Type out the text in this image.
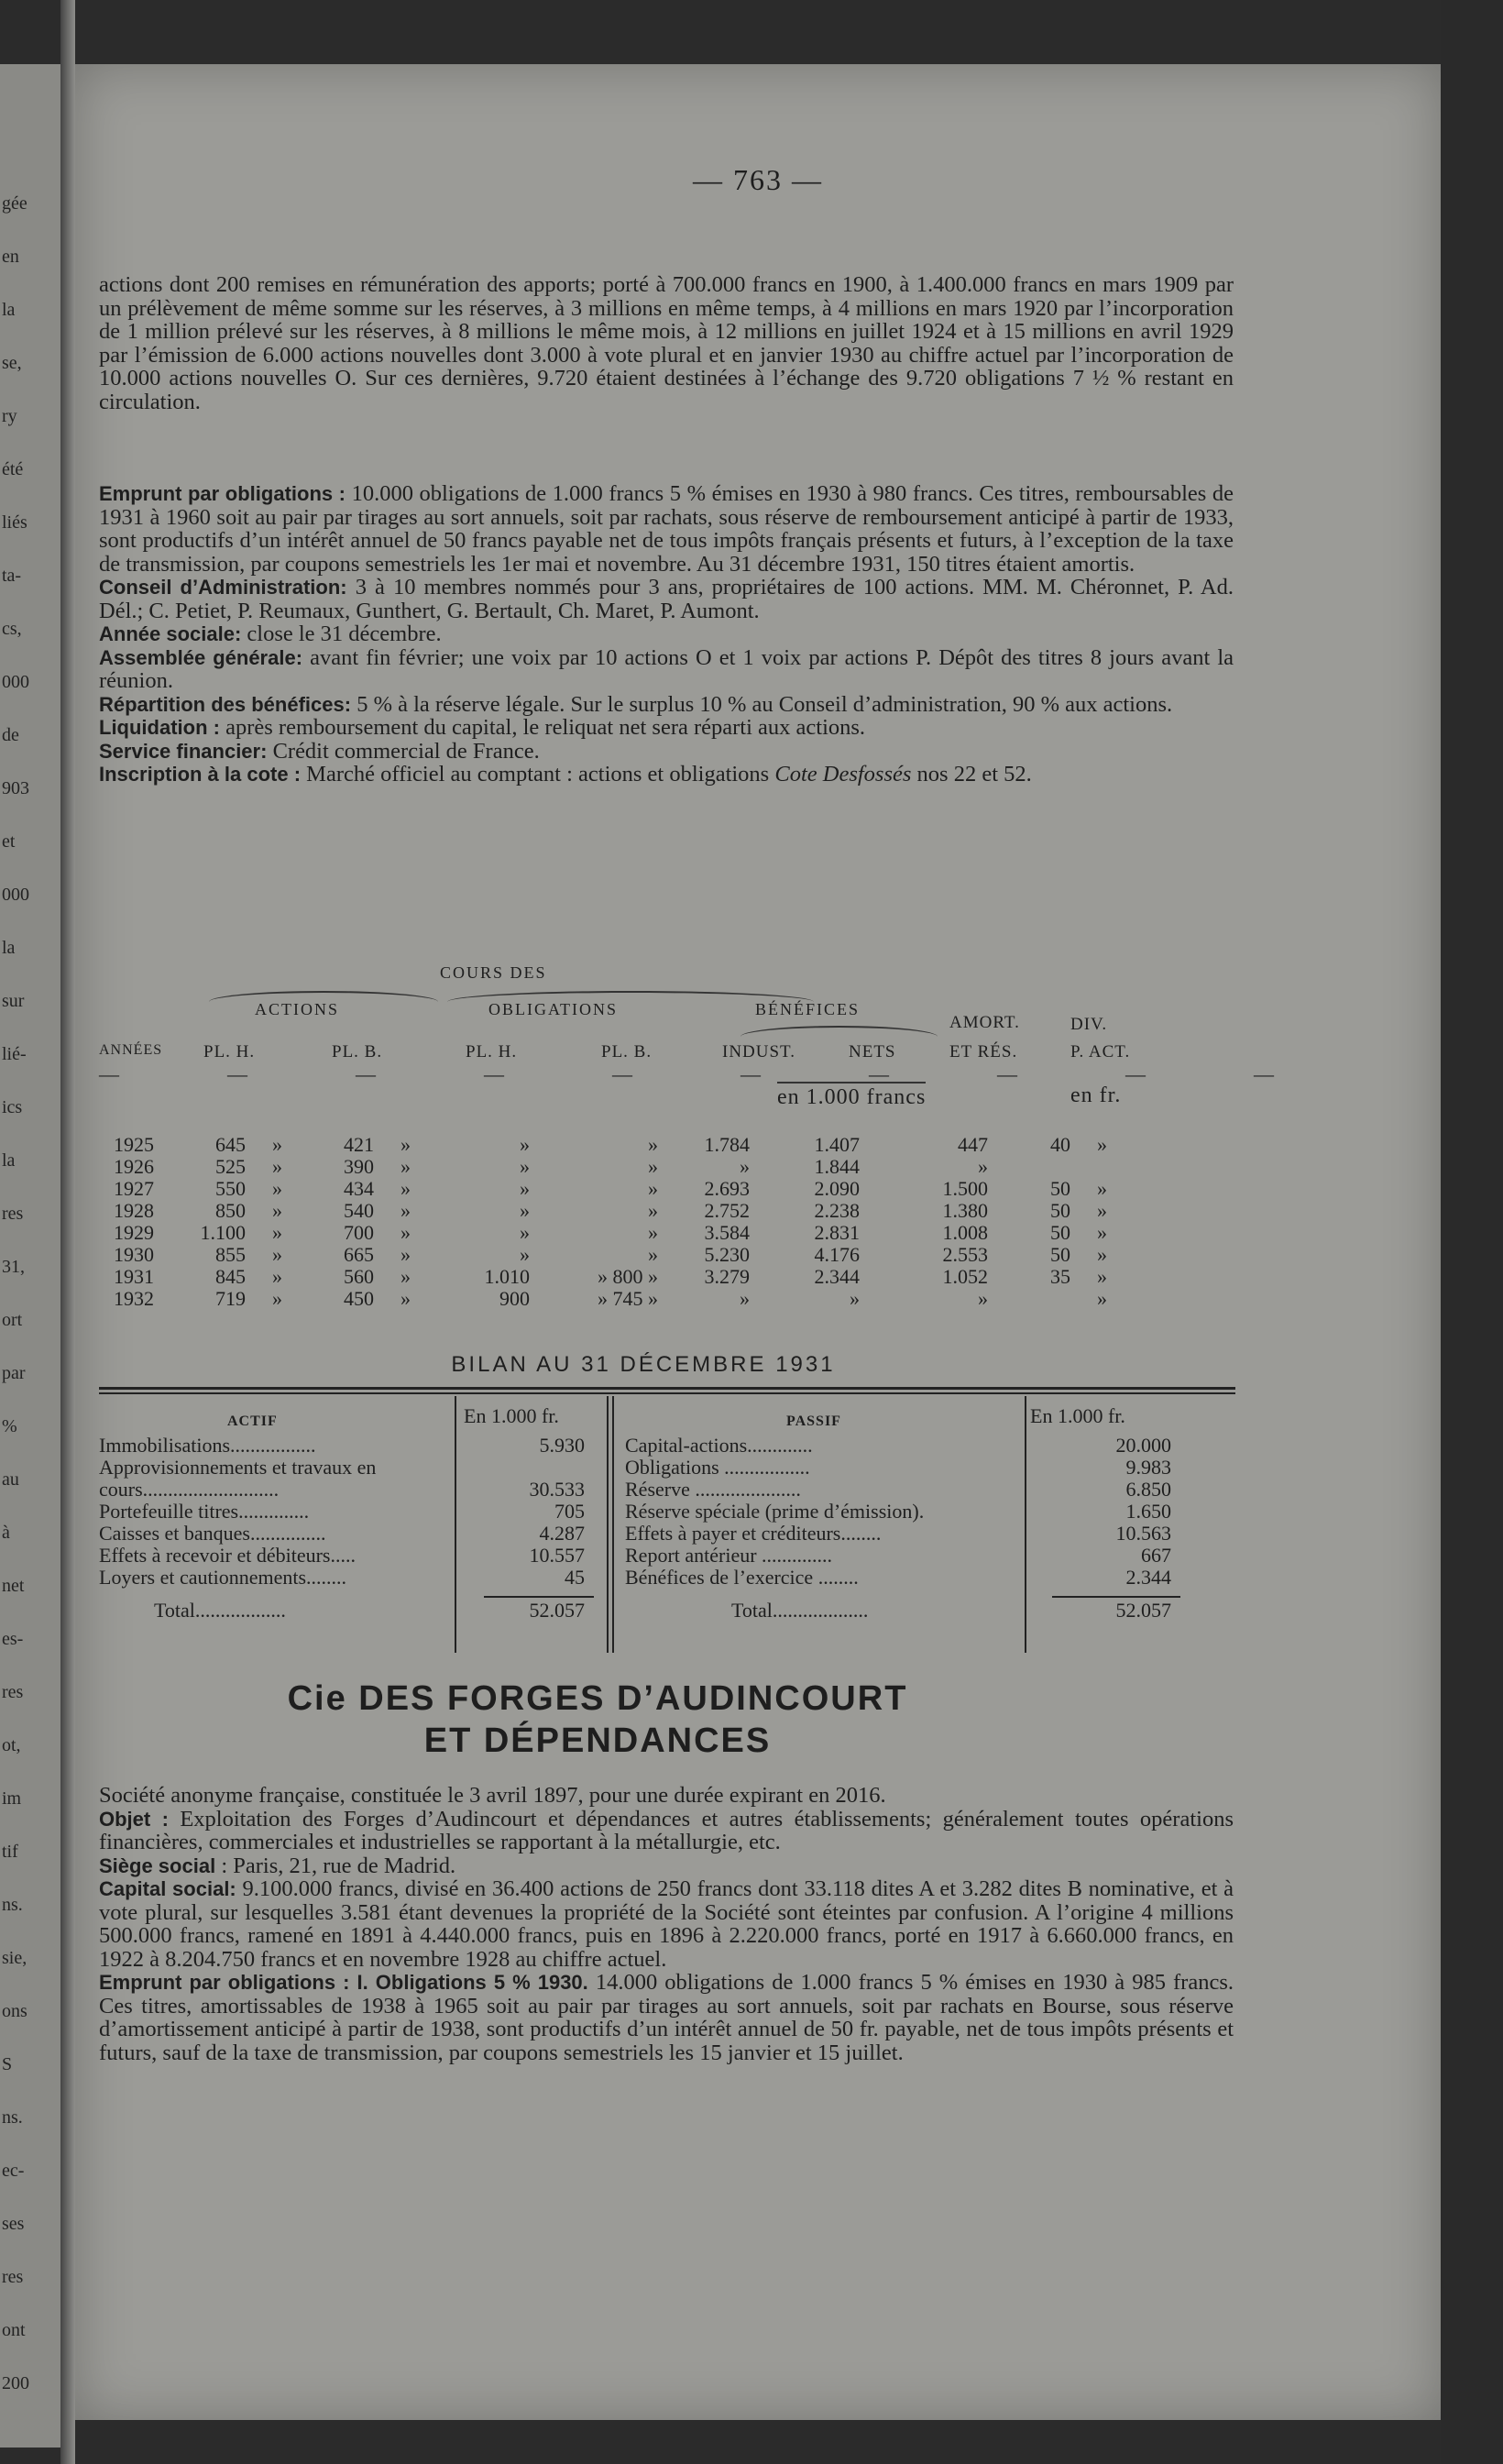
gée
en
la
se,
ry
été
liés
ta-
cs,
000
de
903
et
000
la
sur
lié-
ics
la
res
31,
ort
par
%
au
à
net
es-
res
ot,
im
tif
ns.
sie,
ons
S
ns.
ec-
ses
res
ont
200
— 763 —

actions dont 200 remises en rémunération des apports; porté à 700.000 francs en 1900, à 1.400.000 francs en mars 1909 par un prélèvement de même somme sur les réserves, à 3 millions en même temps, à 4 millions en mars 1920 par l’incorporation de 1 million prélevé sur les réserves, à 8 millions le même mois, à 12 millions en juillet 1924 et à 15 millions en avril 1929 par l’émission de 6.000 actions nouvelles dont 3.000 à vote plural et en janvier 1930 au chiffre actuel par l’incorporation de 10.000 actions nouvelles O. Sur ces dernières, 9.720 étaient destinées à l’échange des 9.720 obligations 7 ½ % restant en circulation.

Emprunt par obligations : 10.000 obligations de 1.000 francs 5 % émises en 1930 à 980 francs. Ces titres, remboursables de 1931 à 1960 soit au pair par tirages au sort annuels, soit par rachats, sous réserve de remboursement anticipé à partir de 1933, sont productifs d’un intérêt annuel de 50 francs payable net de tous impôts français présents et futurs, à l’exception de la taxe de transmission, par coupons semestriels les 1er mai et novembre. Au 31 décembre 1931, 150 titres étaient amortis.

Conseil d’Administration: 3 à 10 membres nommés pour 3 ans, propriétaires de 100 actions. MM. M. Chéronnet, P. Ad. Dél.; C. Petiet, P. Reumaux, Gunthert, G. Bertault, Ch. Maret, P. Aumont.

Année sociale: close le 31 décembre.

Assemblée générale: avant fin février; une voix par 10 actions O et 1 voix par actions P. Dépôt des titres 8 jours avant la réunion.

Répartition des bénéfices: 5 % à la réserve légale. Sur le surplus 10 % au Conseil d’administration, 90 % aux actions.

Liquidation : après remboursement du capital, le reliquat net sera réparti aux actions.

Service financier: Crédit commercial de France.

Inscription à la cote : Marché officiel au comptant : actions et obligations Cote Desfossés nos 22 et 52.

COURS DES
ACTIONS	OBLIGATIONS	BÉNÉFICES
AMORT.	DIV.
ANNÉES PL. H.	PL. B.	PL. H.	PL. B.	INDUST.	NETS	ET RÉS.	P. ACT.
——————————
en 1.000 francs	en fr.
1925	645	»	421	»	»	»	1.784	1.407	447	40	»
1926	525	»	390	»	»	»	»	1.844	»		
1927	550	»	434	»	»	»	2.693	2.090	1.500	50	»
1928	850	»	540	»	»	»	2.752	2.238	1.380	50	»
1929	1.100	»	700	»	»	»	3.584	2.831	1.008	50	»
1930	855	»	665	»	»	»	5.230	4.176	2.553	50	»
1931	845	»	560	»	1.010	» 800 »	3.279	2.344	1.052	35	»
1932	719	»	450	»	900	» 745 »	»	»	»		»
BILAN AU 31 DÉCEMBRE 1931
ACTIF	En 1.000 fr.	PASSIF	En 1.000 fr.
Immobilisations.................	5.930
Approvisionnements et travaux en
cours...........................	30.533
Portefeuille titres..............	705
Caisses et banques...............	4.287
Effets à recevoir et débiteurs.....	10.557
Loyers et cautionnements........	45
Capital-actions.............	20.000
Obligations .................	9.983
Réserve .....................	6.850
Réserve spéciale (prime d’émission).	1.650
Effets à payer et créditeurs........	10.563
Report antérieur ..............	667
Bénéfices de l’exercice ........	2.344
Total..................	52.057	Total...................	52.057
Cie DES FORGES D’AUDINCOURT
ET DÉPENDANCES

Société anonyme française, constituée le 3 avril 1897, pour une durée expirant en 2016.

Objet : Exploitation des Forges d’Audincourt et dépendances et autres établissements; généralement toutes opérations financières, commerciales et industrielles se rapportant à la métallurgie, etc.

Siège social : Paris, 21, rue de Madrid.

Capital social: 9.100.000 francs, divisé en 36.400 actions de 250 francs dont 33.118 dites A et 3.282 dites B nominative, et à vote plural, sur lesquelles 3.581 étant devenues la propriété de la Société sont éteintes par confusion. A l’origine 4 millions 500.000 francs, ramené en 1891 à 4.440.000 francs, puis en 1896 à 2.220.000 francs, porté en 1917 à 6.660.000 francs, en 1922 à 8.204.750 francs et en novembre 1928 au chiffre actuel.

Emprunt par obligations : I. Obligations 5 % 1930. 14.000 obligations de 1.000 francs 5 % émises en 1930 à 985 francs. Ces titres, amortissables de 1938 à 1965 soit au pair par tirages au sort annuels, soit par rachats en Bourse, sous réserve d’amortissement anticipé à partir de 1938, sont productifs d’un intérêt annuel de 50 fr. payable, net de tous impôts présents et futurs, sauf de la taxe de transmission, par coupons semestriels les 15 janvier et 15 juillet.
